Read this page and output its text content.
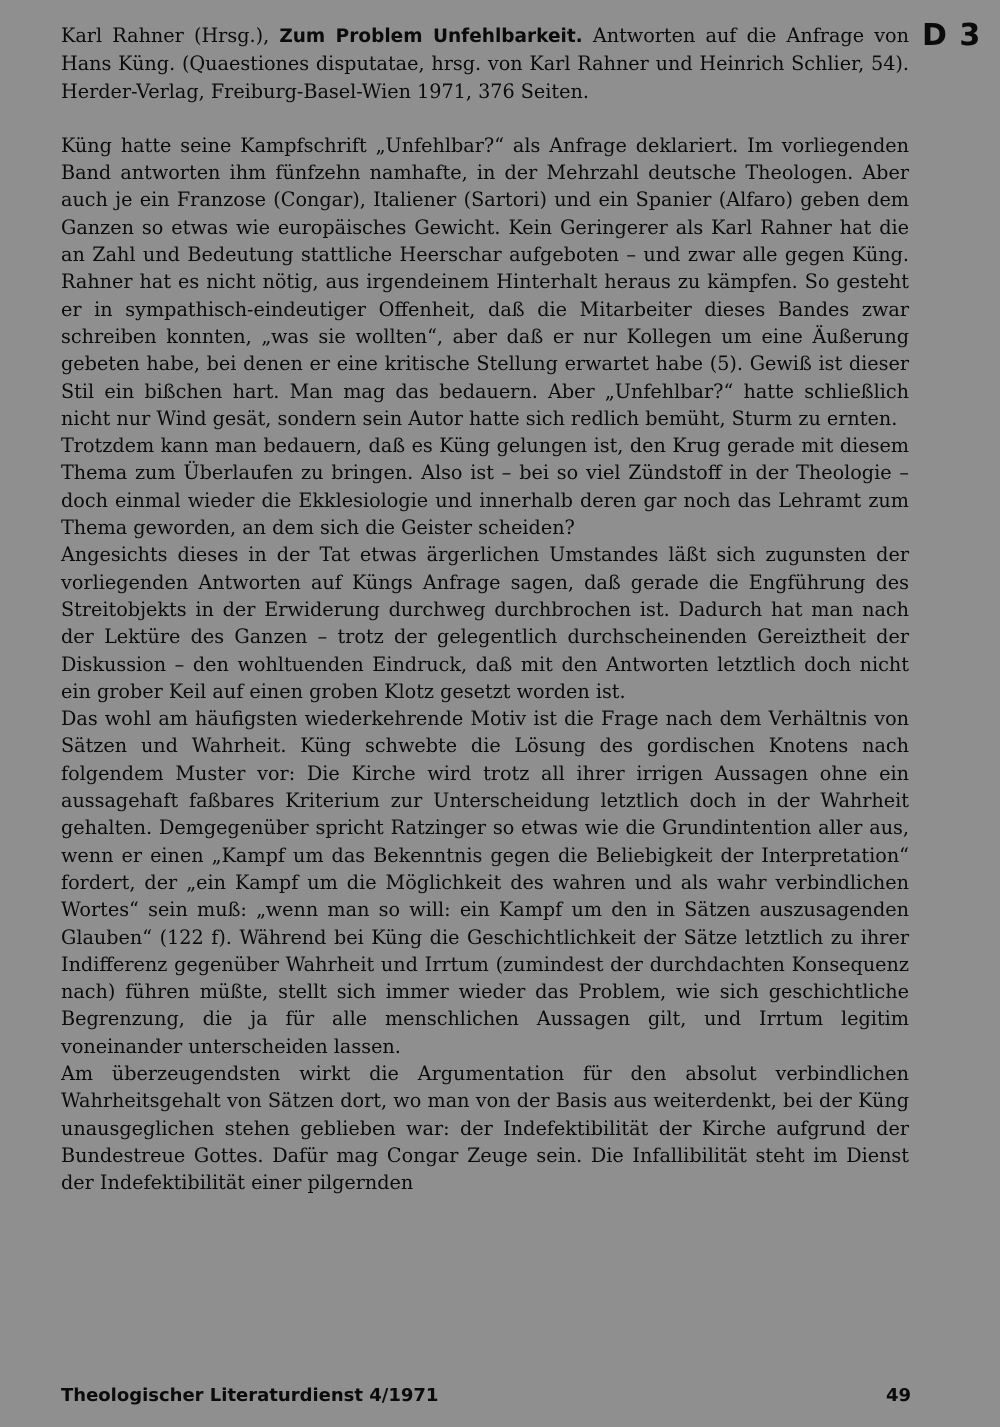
D 3

Karl Rahner (Hrsg.), Zum Problem Unfehlbarkeit. Antworten auf die Anfrage von Hans Küng. (Quaestiones disputatae, hrsg. von Karl Rahner und Heinrich Schlier, 54). Herder-Verlag, Freiburg-Basel-Wien 1971, 376 Seiten.

Küng hatte seine Kampfschrift „Unfehlbar?“ als Anfrage deklariert. Im vorliegenden Band antworten ihm fünfzehn namhafte, in der Mehrzahl deutsche Theologen. Aber auch je ein Franzose (Congar), Italiener (Sartori) und ein Spanier (Alfaro) geben dem Ganzen so etwas wie europäisches Gewicht. Kein Geringerer als Karl Rahner hat die an Zahl und Bedeutung stattliche Heerschar aufgeboten – und zwar alle gegen Küng. Rahner hat es nicht nötig, aus irgendeinem Hinterhalt heraus zu kämpfen. So gesteht er in sympathisch-eindeutiger Offenheit, daß die Mitarbeiter dieses Bandes zwar schreiben konnten, „was sie wollten“, aber daß er nur Kollegen um eine Äußerung gebeten habe, bei denen er eine kritische Stellung erwartet habe (5). Gewiß ist dieser Stil ein bißchen hart. Man mag das bedauern. Aber „Unfehlbar?“ hatte schließlich nicht nur Wind gesät, sondern sein Autor hatte sich redlich bemüht, Sturm zu ernten.

Trotzdem kann man bedauern, daß es Küng gelungen ist, den Krug gerade mit diesem Thema zum Überlaufen zu bringen. Also ist – bei so viel Zündstoff in der Theologie – doch einmal wieder die Ekklesiologie und innerhalb deren gar noch das Lehramt zum Thema geworden, an dem sich die Geister scheiden?

Angesichts dieses in der Tat etwas ärgerlichen Umstandes läßt sich zugunsten der vorliegenden Antworten auf Küngs Anfrage sagen, daß gerade die Engführung des Streitobjekts in der Erwiderung durchweg durchbrochen ist. Dadurch hat man nach der Lektüre des Ganzen – trotz der gelegentlich durchscheinenden Gereiztheit der Diskussion – den wohltuenden Eindruck, daß mit den Antworten letztlich doch nicht ein grober Keil auf einen groben Klotz gesetzt worden ist.

Das wohl am häufigsten wiederkehrende Motiv ist die Frage nach dem Verhältnis von Sätzen und Wahrheit. Küng schwebte die Lösung des gordischen Knotens nach folgendem Muster vor: Die Kirche wird trotz all ihrer irrigen Aussagen ohne ein aussagehaft faßbares Kriterium zur Unterscheidung letztlich doch in der Wahrheit gehalten. Demgegenüber spricht Ratzinger so etwas wie die Grundintention aller aus, wenn er einen „Kampf um das Bekenntnis gegen die Beliebigkeit der Interpretation“ fordert, der „ein Kampf um die Möglichkeit des wahren und als wahr verbindlichen Wortes“ sein muß: „wenn man so will: ein Kampf um den in Sätzen auszusagenden Glauben“ (122 f). Während bei Küng die Geschichtlichkeit der Sätze letztlich zu ihrer Indifferenz gegenüber Wahrheit und Irrtum (zumindest der durchdachten Konsequenz nach) führen müßte, stellt sich immer wieder das Problem, wie sich geschichtliche Begrenzung, die ja für alle menschlichen Aussagen gilt, und Irrtum legitim voneinander unterscheiden lassen.

Am überzeugendsten wirkt die Argumentation für den absolut verbindlichen Wahrheitsgehalt von Sätzen dort, wo man von der Basis aus weiterdenkt, bei der Küng unausgeglichen stehen geblieben war: der Indefektibilität der Kirche aufgrund der Bundestreue Gottes. Dafür mag Congar Zeuge sein. Die Infallibilität steht im Dienst der Indefektibilität einer pilgernden

Theologischer Literaturdienst 4/1971	49
